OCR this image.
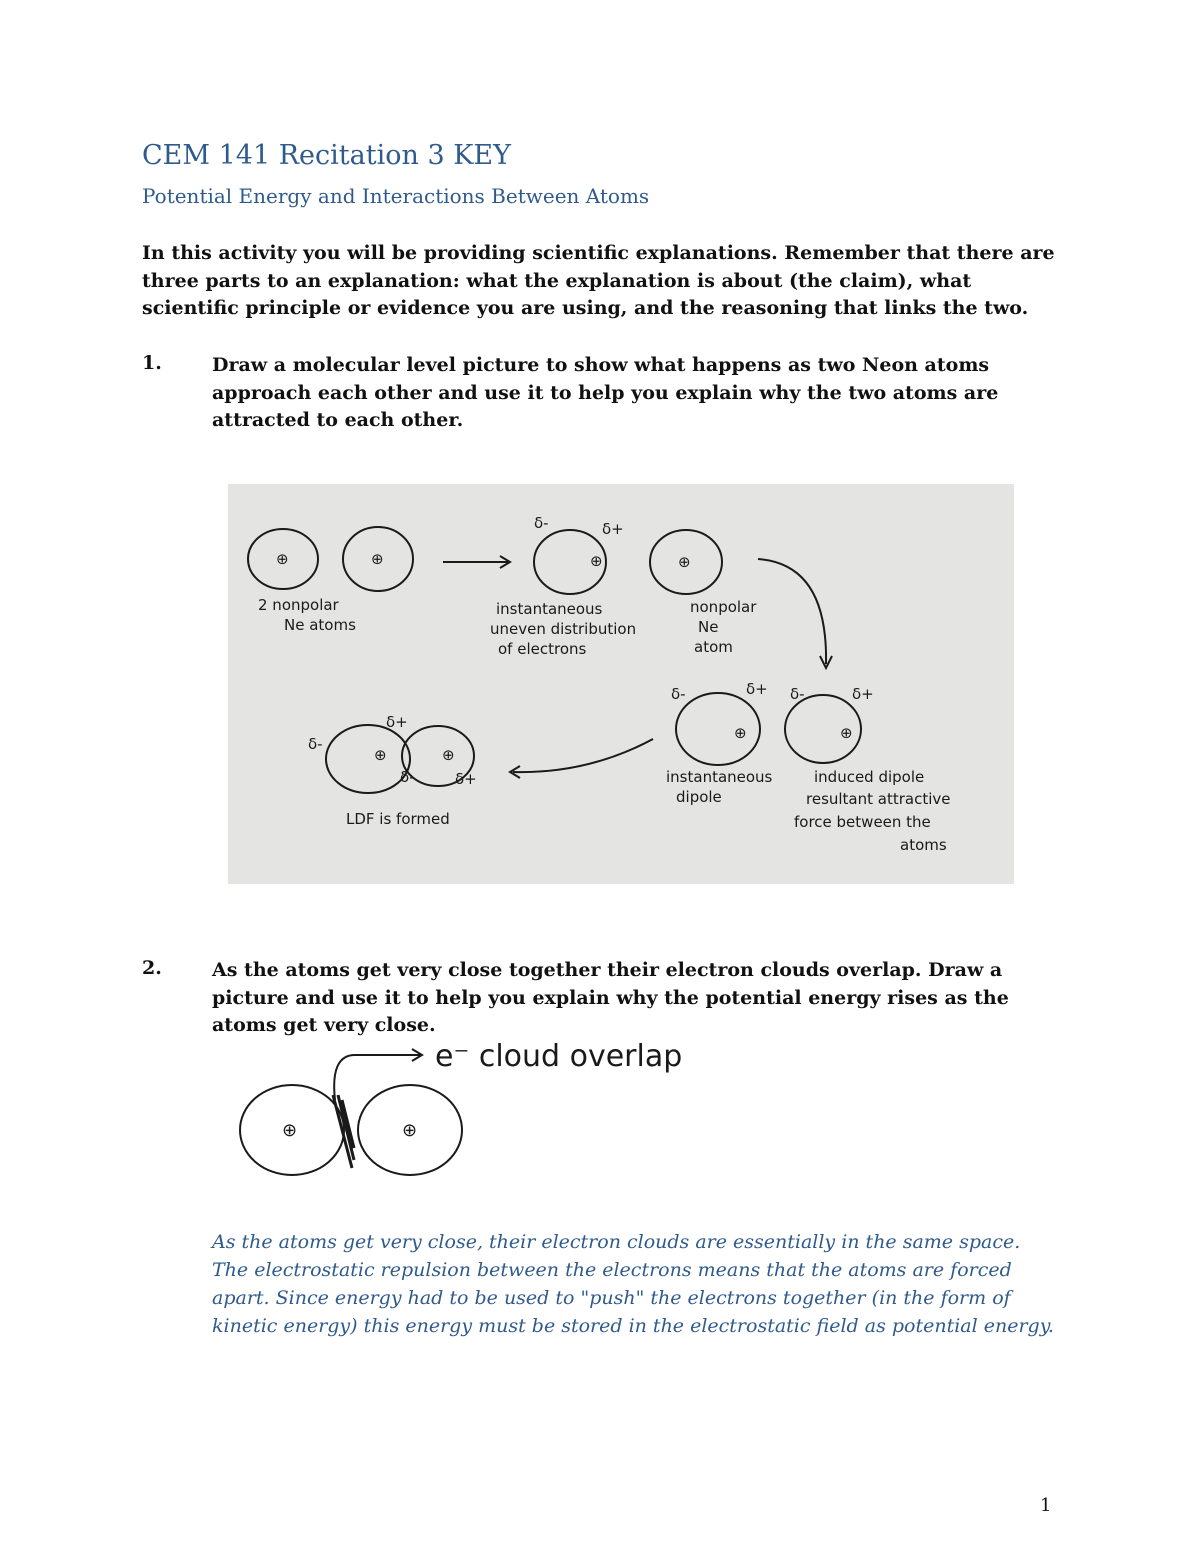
CEM 141 Recitation 3 KEY
Potential Energy and Interactions Between Atoms

In this activity you will be providing scientific explanations. Remember that there are three parts to an explanation: what the explanation is about (the claim), what scientific principle or evidence you are using, and the reasoning that links the two.

1.	Draw a molecular level picture to show what happens as two Neon atoms approach each other and use it to help you explain why the two atoms are attracted to each other.

⊕	⊕	⊕	⊕
⊕	⊕
⊕	⊕
δ-	δ+
δ-	δ+ δ-	δ+
δ-
δ+
δ-	δ+
2 nonpolar
Ne atoms
instantaneous
uneven distribution
of electrons
nonpolar
Ne
atom
instantaneous
dipole
induced dipole
resultant attractive
force between the
atoms
LDF is formed
2.	As the atoms get very close together their electron clouds overlap. Draw a picture and use it to help you explain why the potential energy rises as the atoms get very close.

⊕	⊕
e⁻ cloud overlap

As the atoms get very close, their electron clouds are essentially in the same space. The electrostatic repulsion between the electrons means that the atoms are forced apart. Since energy had to be used to "push" the electrons together (in the form of kinetic energy) this energy must be stored in the electrostatic field as potential energy.

1
